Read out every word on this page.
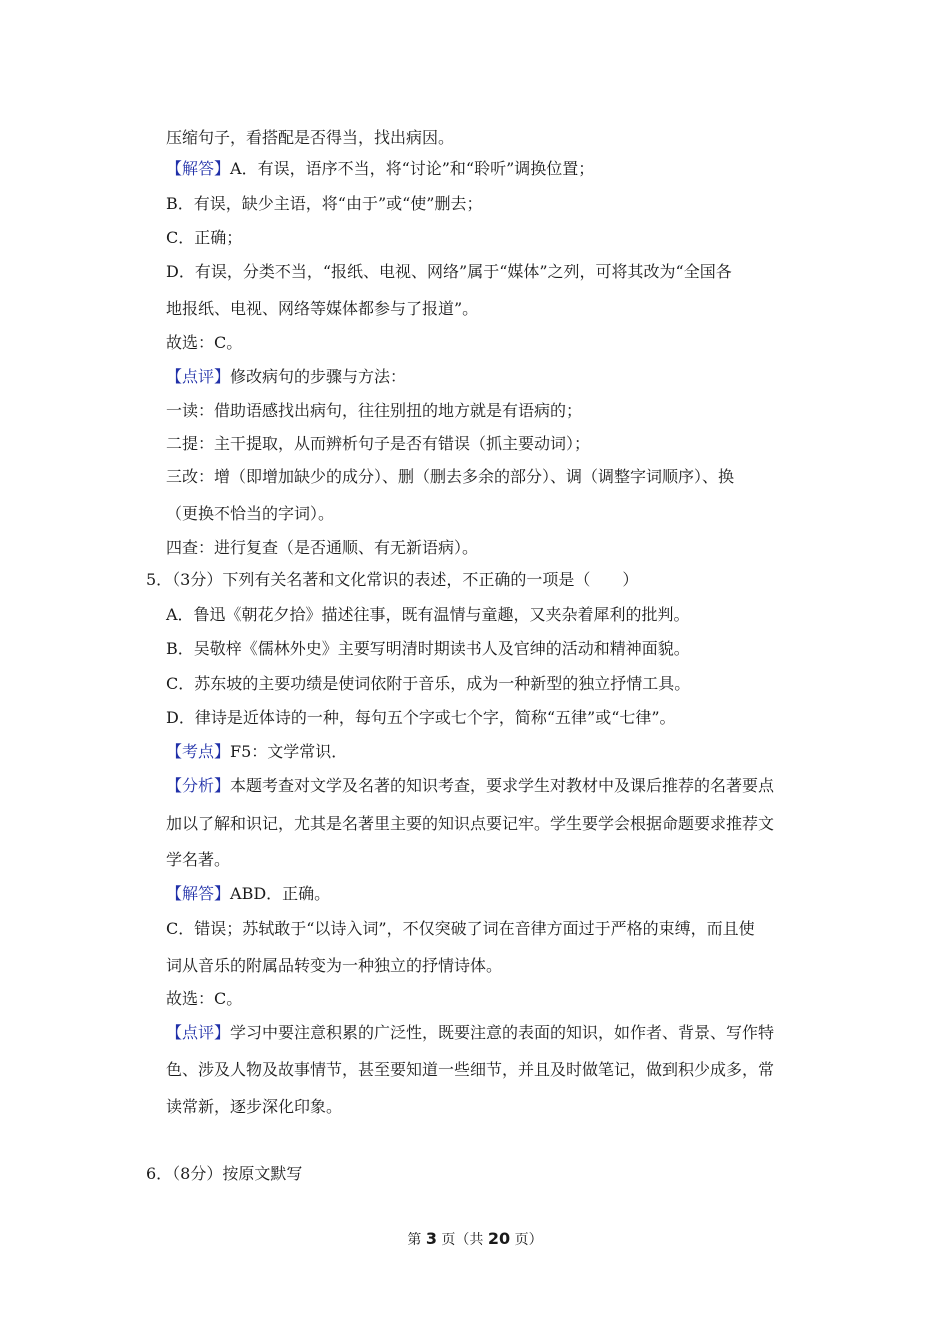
压缩句子，看搭配是否得当，找出病因。
【解答】A．有误，语序不当，将“讨论”和“聆听”调换位置；
B．有误，缺少主语，将“由于”或“使”删去；
C．正确；
D．有误，分类不当，“报纸、电视、网络”属于“媒体”之列，可将其改为“全国各
地报纸、电视、网络等媒体都参与了报道”。
故选：C。
【点评】修改病句的步骤与方法：
一读：借助语感找出病句，往往别扭的地方就是有语病的；
二提：主干提取，从而辨析句子是否有错误（抓主要动词）；
三改：增（即增加缺少的成分）、删（删去多余的部分）、调（调整字词顺序）、换
（更换不恰当的字词）。
四查：进行复查（是否通顺、有无新语病）。
5．（3分）下列有关名著和文化常识的表述，不正确的一项是（　　）
A．鲁迅《朝花夕拾》描述往事，既有温情与童趣，又夹杂着犀利的批判。
B．吴敬梓《儒林外史》主要写明清时期读书人及官绅的活动和精神面貌。
C．苏东坡的主要功绩是使词依附于音乐，成为一种新型的独立抒情工具。
D．律诗是近体诗的一种，每句五个字或七个字，简称“五律”或“七律”。
【考点】F5：文学常识．
【分析】本题考查对文学及名著的知识考查，要求学生对教材中及课后推荐的名著要点
加以了解和识记，尤其是名著里主要的知识点要记牢。学生要学会根据命题要求推荐文
学名著。
【解答】ABD．正确。
C．错误；苏轼敢于“以诗入词”，不仅突破了词在音律方面过于严格的束缚，而且使
词从音乐的附属品转变为一种独立的抒情诗体。
故选：C。
【点评】学习中要注意积累的广泛性，既要注意的表面的知识，如作者、背景、写作特
色、涉及人物及故事情节，甚至要知道一些细节，并且及时做笔记，做到积少成多，常
读常新，逐步深化印象。
6．（8分）按原文默写
第 3 页（共 20 页）
